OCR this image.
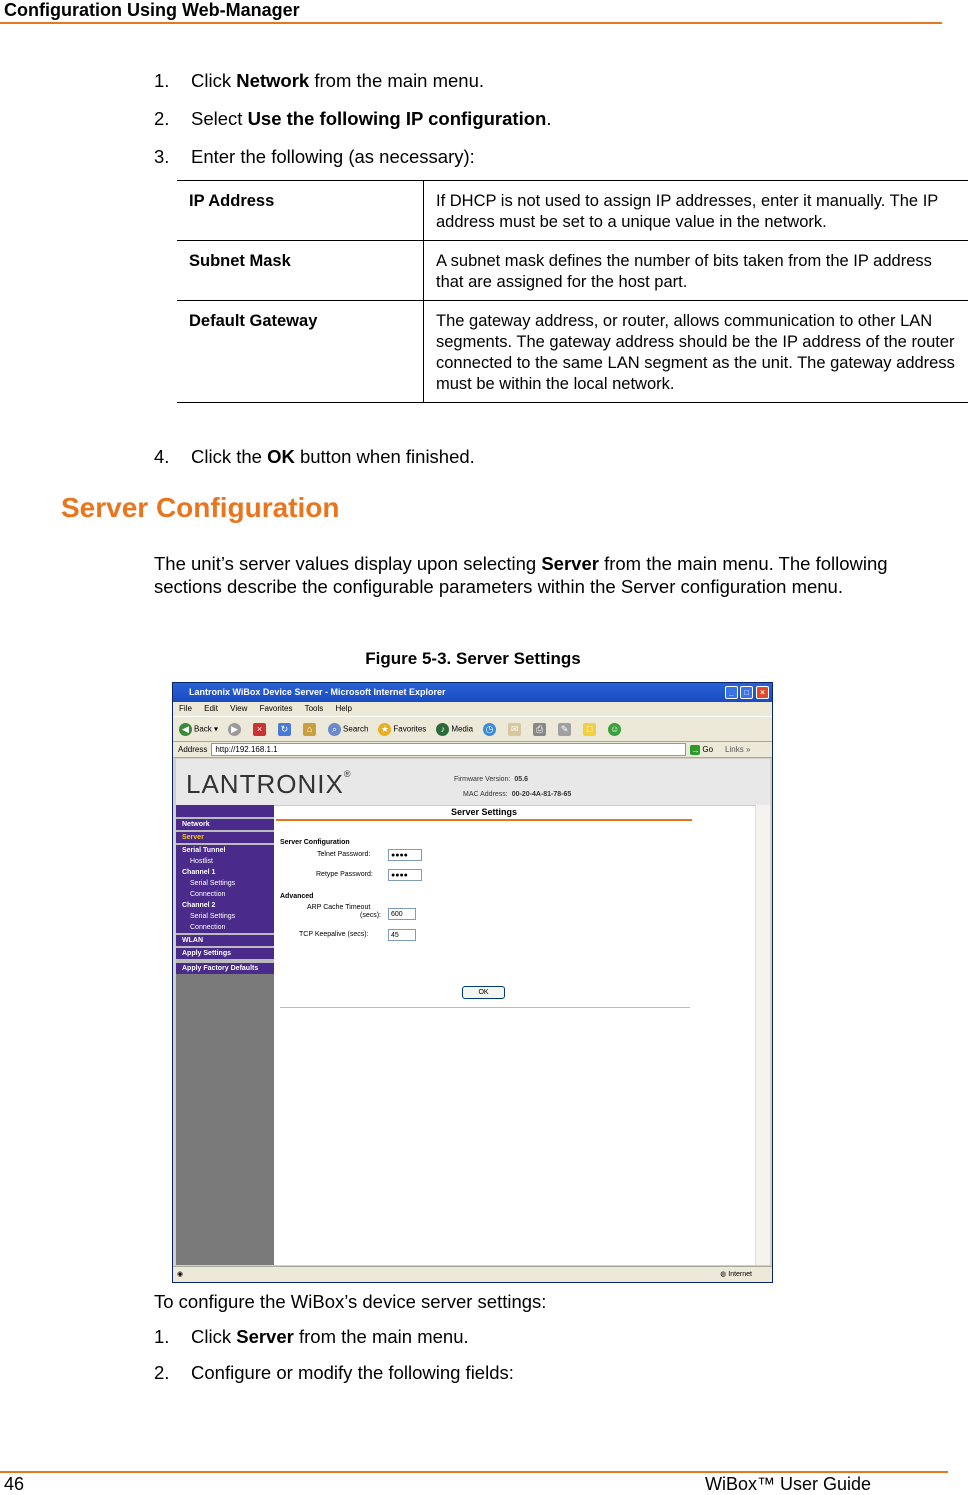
Configuration Using Web-Manager
1. Click Network from the main menu.
2. Select Use the following IP configuration.
3. Enter the following (as necessary):
IP Address	If DHCP is not used to assign IP addresses, enter it manually. The IP address must be set to a unique value in the network.
Subnet Mask	A subnet mask defines the number of bits taken from the IP address that are assigned for the host part.
Default Gateway	The gateway address, or router, allows communication to other LAN segments. The gateway address should be the IP address of the router connected to the same LAN segment as the unit. The gateway address must be within the local network.
4. Click the OK button when finished.
Server Configuration
The unit’s server values display upon selecting Server from the main menu. The following sections describe the configurable parameters within the Server configuration menu.
Figure 5-3. Server Settings
Lantronix WiBox Device Server - Microsoft Internet Explorer	_	□	×
File Edit View Favorites Tools Help
◀ Back ▾	▶	×	↻	⌂	⌕ Search ★ Favorites	♪ Media ◷	✉	⎙	✎	□	☺
Address	http://192.168.1.1	→ Go Links »
LANTRONIX®
Firmware Version: 05.6
MAC Address: 00-20-4A-81-78-65
Network
Server
Serial Tunnel
Hostlist
Channel 1
Serial Settings
Connection
Channel 2
Serial Settings
Connection
WLAN
Apply Settings
Apply Factory Defaults
Server Settings
Server Configuration
Telnet Password:	●●●●
Retype Password:	●●●●
Advanced
ARP Cache Timeout
(secs):	600
TCP Keepalive (secs):	45
OK
◉	◍ Internet
To configure the WiBox’s device server settings:
1. Click Server from the main menu.
2. Configure or modify the following fields:
46	WiBox™ User Guide
